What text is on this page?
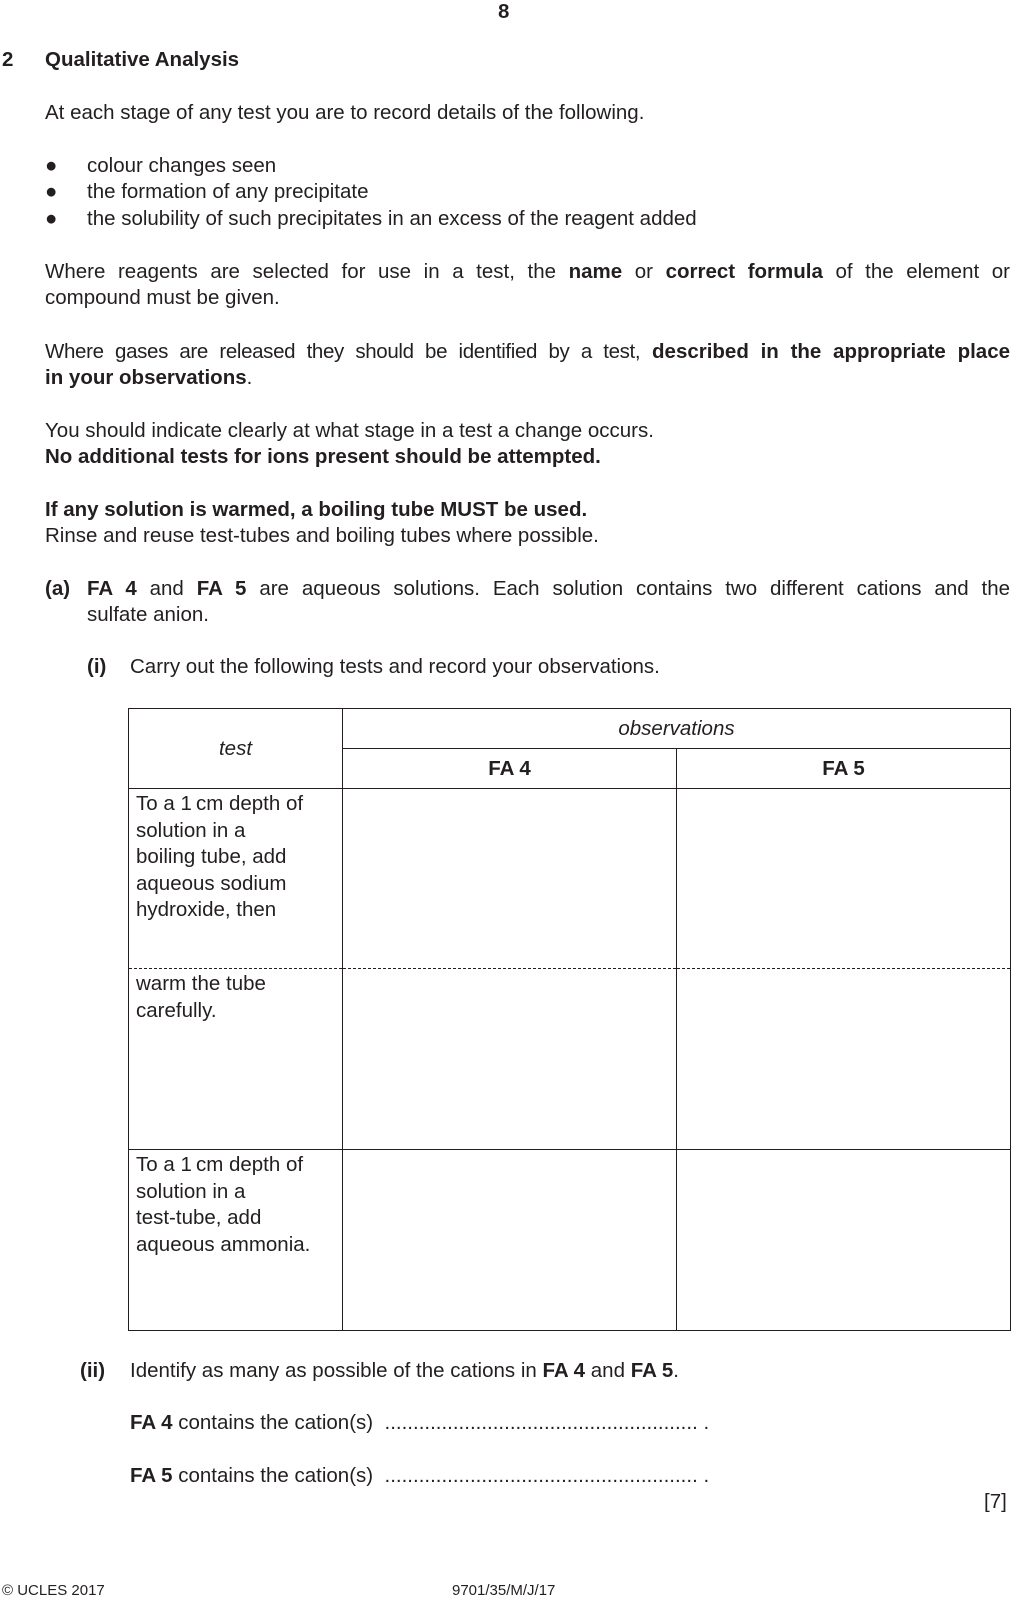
8
2 Qualitative Analysis
At each stage of any test you are to record details of the following.
● colour changes seen
● the formation of any precipitate
● the solubility of such precipitates in an excess of the reagent added
Where reagents are selected for use in a test, the name or correct formula of the element or
compound must be given.
Where gases are released they should be identified by a test, described in the appropriate place
in your observations.
You should indicate clearly at what stage in a test a change occurs.
No additional tests for ions present should be attempted.
If any solution is warmed, a boiling tube MUST be used.
Rinse and reuse test-tubes and boiling tubes where possible.
(a) FA 4 and FA 5 are aqueous solutions. Each solution contains two different cations and the
sulfate anion.
(i) Carry out the following tests and record your observations.
test	observations	
	FA 4	FA 5

To a 1 cm depth of
solution in a
boiling tube, add
aqueous sodium
hydroxide, then		

warm the tube
carefully.		

To a 1 cm depth of
solution in a
test-tube, add
aqueous ammonia.		

(ii) Identify as many as possible of the cations in FA 4 and FA 5.
FA 4 contains the cation(s) ....................................................... .
FA 5 contains the cation(s) ....................................................... .
[7]
© UCLES 2017	9701/35/M/J/17
